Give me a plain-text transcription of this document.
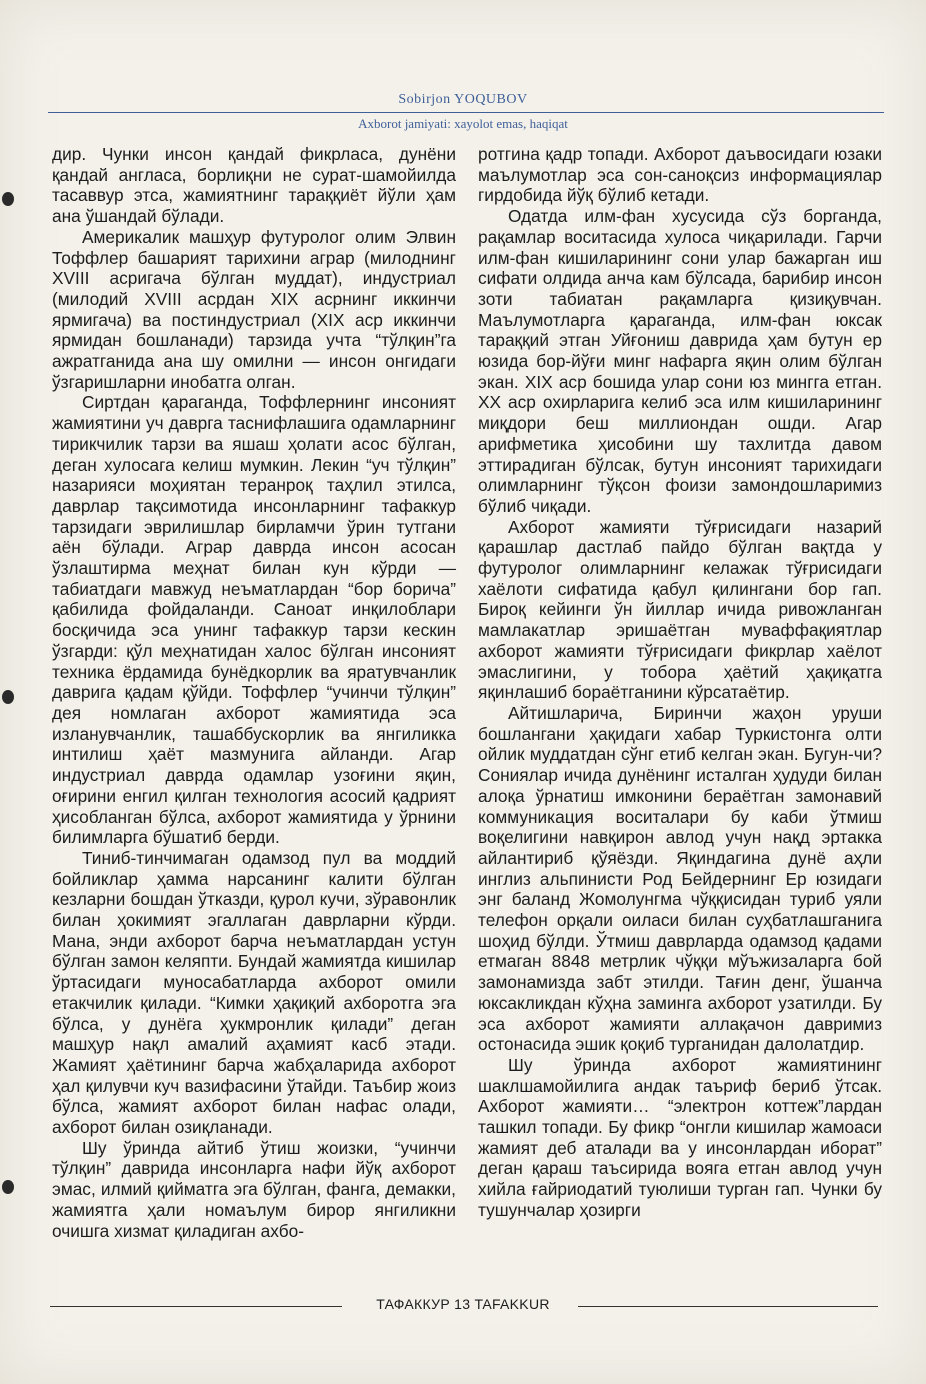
Sobirjon YOQUBOV
Axborot jamiyati: xayolot emas, haqiqat

дир. Чунки инсон қандай фикрласа, дунёни қандай англаса, борлиқни не сурат-шамойилда тасаввур этса, жамиятнинг тараққиёт йўли ҳам ана ўшандай бўлади.

Америкалик машҳур футуролог олим Элвин Тоффлер башарият тарихини аграр (милоднинг XVIII асригача бўлган муддат), индустриал (милодий XVIII асрдан XIX асрнинг иккинчи ярмигача) ва постиндустриал (XIX аср иккинчи ярмидан бошланади) тарзида учта “тўлқин”га ажратганида ана шу омилни — инсон онгидаги ўзгаришларни инобатга олган.

Сиртдан қараганда, Тоффлернинг инсоният жамиятини уч даврга таснифлашига одамларнинг тирикчилик тарзи ва яшаш ҳолати асос бўлган, деган хулосага келиш мумкин. Лекин “уч тўлқин” назарияси моҳиятан теранроқ таҳлил этилса, даврлар тақсимотида инсонларнинг тафаккур тарзидаги эврилишлар бирламчи ўрин тутгани аён бўлади. Аграр даврда инсон асосан ўзлаштирма меҳнат билан кун кўрди — табиатдаги мавжуд неъматлардан “бор борича” қабилида фойдаланди. Саноат инқилоблари босқичида эса унинг тафаккур тарзи кескин ўзгарди: қўл меҳнатидан халос бўлган инсоният техника ёрдамида бунёдкорлик ва яратувчанлик даврига қадам қўйди. Тоффлер “учинчи тўлқин” дея номлаган ахборот жамиятида эса изланувчанлик, ташаббускорлик ва янгиликка интилиш ҳаёт мазмунига айланди. Агар индустриал даврда одамлар узоғини яқин, оғирини енгил қилган технология асосий қадрият ҳисобланган бўлса, ахборот жамиятида у ўрнини билимларга бўшатиб берди.

Тиниб-тинчимаган одамзод пул ва моддий бойликлар ҳамма нарсанинг калити бўлган кезларни бошдан ўтказди, қурол кучи, зўравонлик билан ҳокимият эгаллаган даврларни кўрди. Мана, энди ахборот барча неъматлардан устун бўлган замон келяпти. Бундай жамиятда кишилар ўртасидаги муносабатларда ахборот омили етакчилик қилади. “Кимки ҳақиқий ахборотга эга бўлса, у дунёга ҳукмронлик қилади” деган машҳур нақл амалий аҳамият касб этади. Жамият ҳаётининг барча жабҳаларида ахборот ҳал қилувчи куч вазифасини ўтайди. Таъбир жоиз бўлса, жамият ахборот билан нафас олади, ахборот билан озиқланади.

Шу ўринда айтиб ўтиш жоизки, “учинчи тўлқин” даврида инсонларга нафи йўқ ахборот эмас, илмий қийматга эга бўлган, фанга, демакки, жамиятга ҳали номаълум бирор янгиликни очишга хизмат қиладиган ахбо-

ротгина қадр топади. Ахборот даъвосидаги юзаки маълумотлар эса сон-саноқсиз информациялар гирдобида йўқ бўлиб кетади.

Одатда илм-фан хусусида сўз борганда, рақамлар воситасида хулоса чиқарилади. Гарчи илм-фан кишиларининг сони улар бажарган иш сифати олдида анча кам бўлсада, барибир инсон зоти табиатан рақамларга қизиқувчан. Маълумотларга қараганда, илм-фан юксак тараққий этган Уйғониш даврида ҳам бутун ер юзида бор-йўғи минг нафарга яқин олим бўлган экан. XIX аср бошида улар сони юз мингга етган. XX аср охирларига келиб эса илм кишиларининг миқдори беш миллиондан ошди. Агар арифметика ҳисобини шу тахлитда давом эттирадиган бўлсак, бутун инсоният тарихидаги олимларнинг тўқсон фоизи замондошларимиз бўлиб чиқади.

Ахборот жамияти тўғрисидаги назарий қарашлар дастлаб пайдо бўлган вақтда у футуролог олимларнинг келажак тўғрисидаги хаёлоти сифатида қабул қилингани бор гап. Бироқ кейинги ўн йиллар ичида ривожланган мамлакатлар эришаётган муваффақиятлар ахборот жамияти тўғрисидаги фикрлар хаёлот эмаслигини, у тобора ҳаётий ҳақиқатга яқинлашиб бораётганини кўрсатаётир.

Айтишларича, Биринчи жаҳон уруши бошлангани ҳақидаги хабар Туркистонга олти ойлик муддатдан сўнг етиб келган экан. Бугун-чи? Сониялар ичида дунёнинг исталган ҳудуди билан алоқа ўрнатиш имконини бераётган замонавий коммуникация воситалари бу каби ўтмиш воқелигини навқирон авлод учун нақд эртакка айлантириб қўяёзди. Яқиндагина дунё аҳли инглиз альпинисти Род Бейдернинг Ер юзидаги энг баланд Жомолунгма чўққисидан туриб уяли телефон орқали оиласи билан суҳбатлашганига шоҳид бўлди. Ўтмиш даврларда одамзод қадами етмаган 8848 метрлик чўққи мўъжизаларга бой замонамизда забт этилди. Тағин денг, ўшанча юксакликдан кўҳна заминга ахборот узатилди. Бу эса ахборот жамияти аллақачон давримиз остонасида эшик қоқиб турганидан далолатдир.

Шу ўринда ахборот жамиятининг шаклшамойилига андак таъриф бериб ўтсак. Ахборот жамияти… “электрон коттеж”лардан ташкил топади. Бу фикр “онгли кишилар жамоаси жамият деб аталади ва у инсонлардан иборат” деган қараш таъсирида вояга етган авлод учун хийла ғайриодатий туюлиши турган гап. Чунки бу тушунчалар ҳозирги

ТАФАККУР 13 TAFAKKUR
